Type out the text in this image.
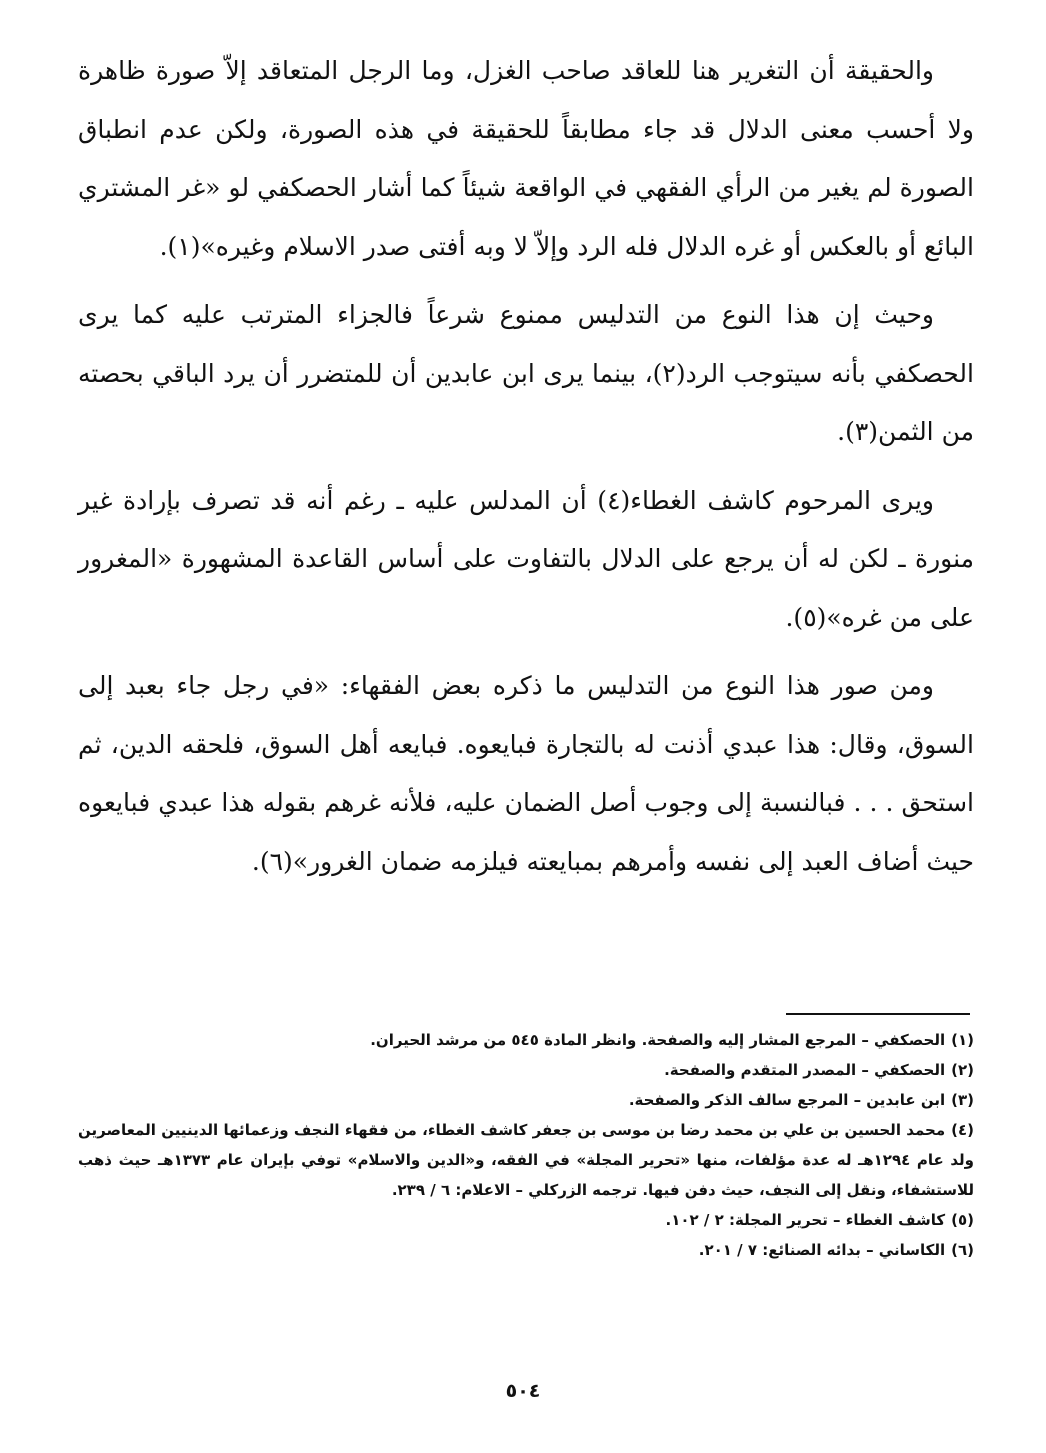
والحقيقة أن التغرير هنا للعاقد صاحب الغزل، وما الرجل المتعاقد إلاّ صورة ظاهرة ولا أحسب معنى الدلال قد جاء مطابقاً للحقيقة في هذه الصورة، ولكن عدم انطباق الصورة لم يغير من الرأي الفقهي في الواقعة شيئاً كما أشار الحصكفي لو «غر المشتري البائع أو بالعكس أو غره الدلال فله الرد وإلاّ لا وبه أفتى صدر الاسلام وغيره»(١).

وحيث إن هذا النوع من التدليس ممنوع شرعاً فالجزاء المترتب عليه كما يرى الحصكفي بأنه سيتوجب الرد(٢)، بينما يرى ابن عابدين أن للمتضرر أن يرد الباقي بحصته من الثمن(٣).

ويرى المرحوم كاشف الغطاء(٤) أن المدلس عليه ـ رغم أنه قد تصرف بإرادة غير منورة ـ لكن له أن يرجع على الدلال بالتفاوت على أساس القاعدة المشهورة «المغرور على من غره»(٥).

ومن صور هذا النوع من التدليس ما ذكره بعض الفقهاء: «في رجل جاء بعبد إلى السوق، وقال: هذا عبدي أذنت له بالتجارة فبايعوه. فبايعه أهل السوق، فلحقه الدين، ثم استحق . . . فبالنسبة إلى وجوب أصل الضمان عليه، فلأنه غرهم بقوله هذا عبدي فبايعوه حيث أضاف العبد إلى نفسه وأمرهم بمبايعته فيلزمه ضمان الغرور»(٦).

(١)الحصكفي – المرجع المشار إليه والصفحة. وانظر المادة ٥٤٥ من مرشد الحيران.

(٢)الحصكفي – المصدر المتقدم والصفحة.

(٣)ابن عابدين – المرجع سالف الذكر والصفحة.

(٤)محمد الحسين بن علي بن محمد رضا بن موسى بن جعفر كاشف الغطاء، من فقهاء النجف وزعمائها الدينيين المعاصرين ولد عام ١٢٩٤هـ له عدة مؤلفات، منها «تحرير المجلة» في الفقه، و«الدين والاسلام» توفي بإيران عام ١٣٧٣هـ حيث ذهب للاستشفاء، ونقل إلى النجف، حيث دفن فيها. ترجمه الزركلي – الاعلام: ٦ / ٢٣٩.

(٥)كاشف الغطاء – تحرير المجلة: ٢ / ١٠٢.

(٦)الكاساني – بدائه الصنائع: ٧ / ٢٠١.

٥٠٤
